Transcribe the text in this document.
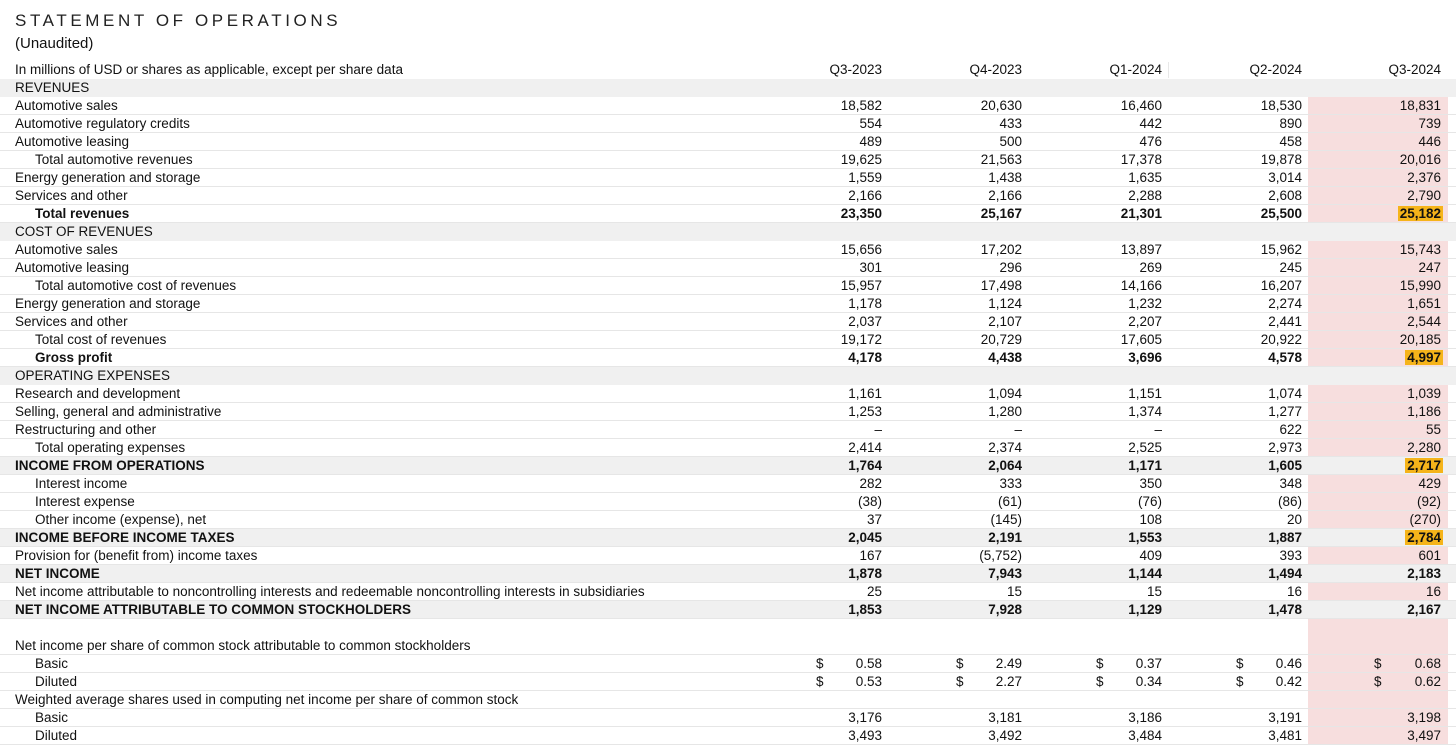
STATEMENT OF OPERATIONS
(Unaudited)
In millions of USD or shares as applicable, except per share data	Q3-2023	Q4-2023	Q1-2024	Q2-2024	Q3-2024
REVENUES
Automotive sales	18,582	20,630	16,460	18,530	18,831
Automotive regulatory credits	554	433	442	890	739
Automotive leasing	489	500	476	458	446
Total automotive revenues	19,625	21,563	17,378	19,878	20,016
Energy generation and storage	1,559	1,438	1,635	3,014	2,376
Services and other	2,166	2,166	2,288	2,608	2,790
Total revenues	23,350	25,167	21,301	25,500	25,182
COST OF REVENUES
Automotive sales	15,656	17,202	13,897	15,962	15,743
Automotive leasing	301	296	269	245	247
Total automotive cost of revenues	15,957	17,498	14,166	16,207	15,990
Energy generation and storage	1,178	1,124	1,232	2,274	1,651
Services and other	2,037	2,107	2,207	2,441	2,544
Total cost of revenues	19,172	20,729	17,605	20,922	20,185
Gross profit	4,178	4,438	3,696	4,578	4,997
OPERATING EXPENSES
Research and development	1,161	1,094	1,151	1,074	1,039
Selling, general and administrative	1,253	1,280	1,374	1,277	1,186
Restructuring and other	–	–	–	622	55
Total operating expenses	2,414	2,374	2,525	2,973	2,280
INCOME FROM OPERATIONS	1,764	2,064	1,171	1,605	2,717
Interest income	282	333	350	348	429
Interest expense	(38)	(61)	(76)	(86)	(92)
Other income (expense), net	37	(145)	108	20	(270)
INCOME BEFORE INCOME TAXES	2,045	2,191	1,553	1,887	2,784
Provision for (benefit from) income taxes	167	(5,752)	409	393	601
NET INCOME	1,878	7,943	1,144	1,494	2,183
Net income attributable to noncontrolling interests and redeemable noncontrolling interests in subsidiaries	25	15	15	16	16
NET INCOME ATTRIBUTABLE TO COMMON STOCKHOLDERS	1,853	7,928	1,129	1,478	2,167
Net income per share of common stock attributable to common stockholders
Basic	$ 0.58	$ 2.49	$ 0.37	$ 0.46	$ 0.68
Diluted	$ 0.53	$ 2.27	$ 0.34	$ 0.42	$ 0.62
Weighted average shares used in computing net income per share of common stock
Basic	3,176	3,181	3,186	3,191	3,198
Diluted	3,493	3,492	3,484	3,481	3,497
